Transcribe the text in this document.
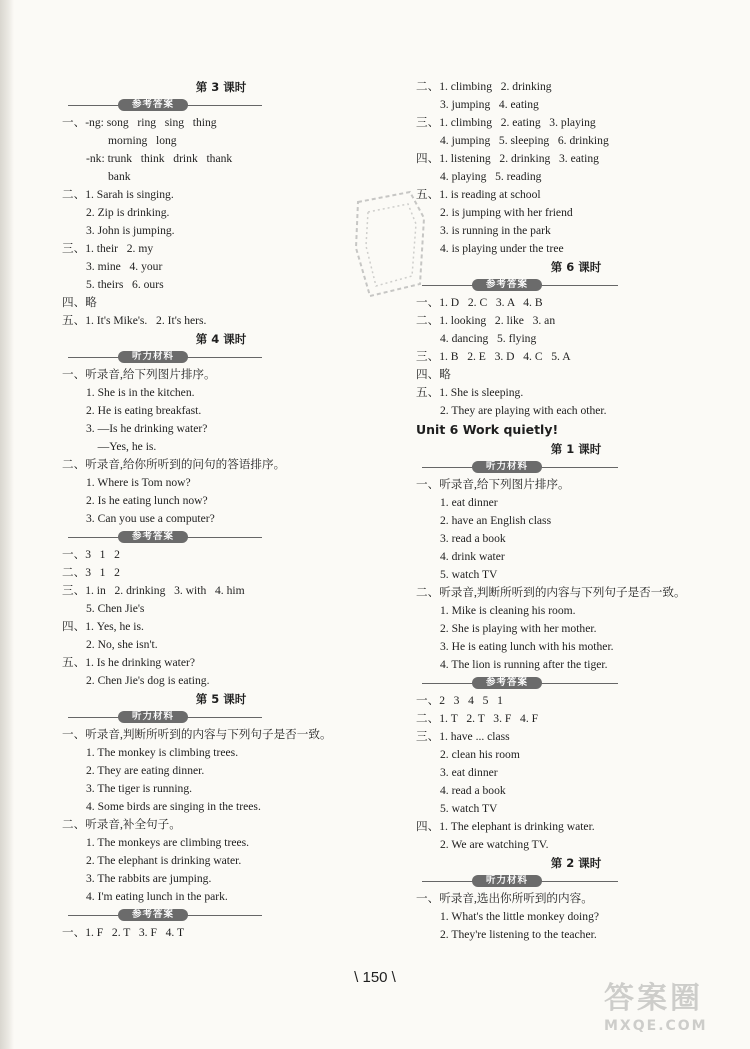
第 3 课时
参考答案
一、-ng: song   ring   sing   thing
morning   long
-nk: trunk   think   drink   thank
bank
二、1. Sarah is singing.
2. Zip is drinking.
3. John is jumping.
三、1. their   2. my
3. mine   4. your
5. theirs   6. ours
四、略
五、1. It's Mike's.   2. It's hers.
第 4 课时
听力材料
一、听录音,给下列图片排序。
1. She is in the kitchen.
2. He is eating breakfast.
3. —Is he drinking water?
—Yes, he is.
二、听录音,给你所听到的问句的答语排序。
1. Where is Tom now?
2. Is he eating lunch now?
3. Can you use a computer?
参考答案
一、3   1   2
二、3   1   2
三、1. in   2. drinking   3. with   4. him
5. Chen Jie's
四、1. Yes, he is.
2. No, she isn't.
五、1. Is he drinking water?
2. Chen Jie's dog is eating.
第 5 课时
听力材料
一、听录音,判断所听到的内容与下列句子是否一致。
1. The monkey is climbing trees.
2. They are eating dinner.
3. The tiger is running.
4. Some birds are singing in the trees.
二、听录音,补全句子。
1. The monkeys are climbing trees.
2. The elephant is drinking water.
3. The rabbits are jumping.
4. I'm eating lunch in the park.
参考答案
一、1. F   2. T   3. F   4. T
二、1. climbing   2. drinking
3. jumping   4. eating
三、1. climbing   2. eating   3. playing
4. jumping   5. sleeping   6. drinking
四、1. listening   2. drinking   3. eating
4. playing   5. reading
五、1. is reading at school
2. is jumping with her friend
3. is running in the park
4. is playing under the tree
第 6 课时
参考答案
一、1. D   2. C   3. A   4. B
二、1. looking   2. like   3. an
4. dancing   5. flying
三、1. B   2. E   3. D   4. C   5. A
四、略
五、1. She is sleeping.
2. They are playing with each other.
Unit 6 Work quietly!
第 1 课时
听力材料
一、听录音,给下列图片排序。
1. eat dinner
2. have an English class
3. read a book
4. drink water
5. watch TV
二、听录音,判断所听到的内容与下列句子是否一致。
1. Mike is cleaning his room.
2. She is playing with her mother.
3. He is eating lunch with his mother.
4. The lion is running after the tiger.
参考答案
一、2   3   4   5   1
二、1. T   2. T   3. F   4. F
三、1. have ... class
2. clean his room
3. eat dinner
4. read a book
5. watch TV
四、1. The elephant is drinking water.
2. We are watching TV.
第 2 课时
听力材料
一、听录音,选出你所听到的内容。
1. What's the little monkey doing?
2. They're listening to the teacher.
\ 150 \
答案圈
MXQE.COM
